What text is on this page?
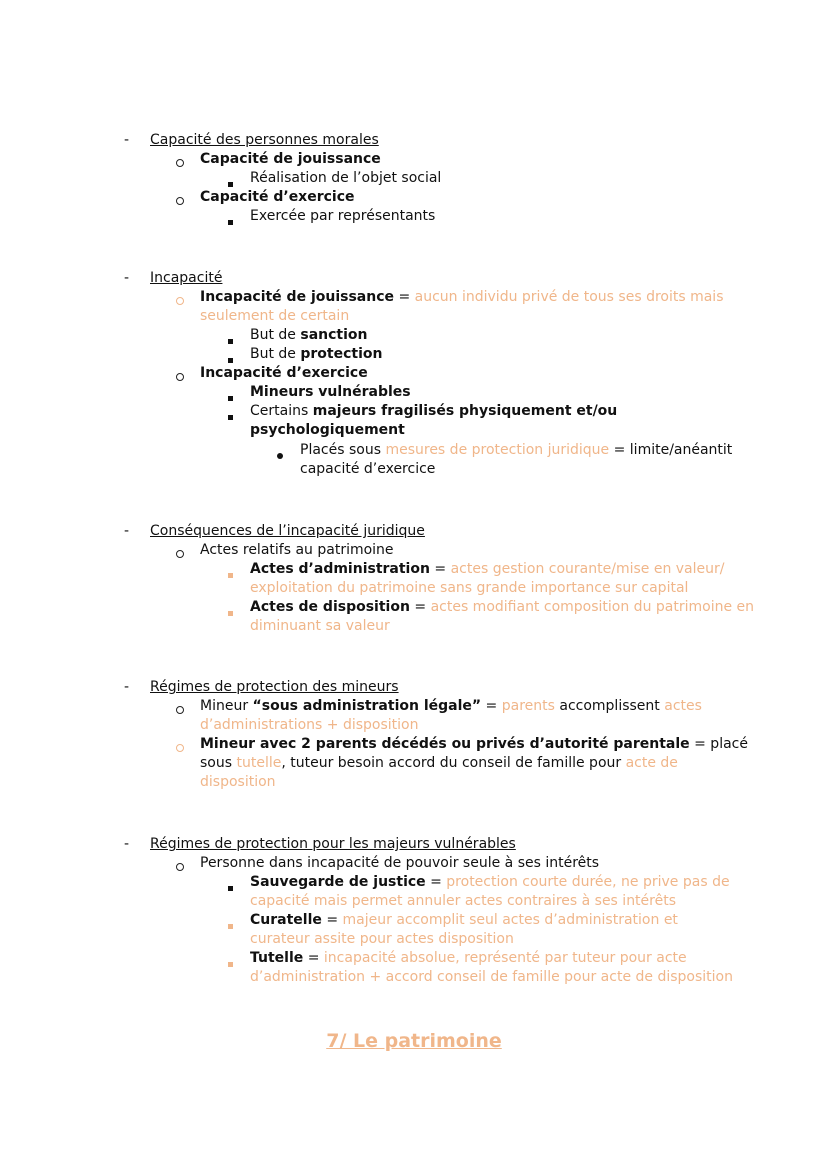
- Capacité des personnes morales
Capacité de jouissance
Réalisation de l’objet social
Capacité d’exercice
Exercée par représentants
- Incapacité
Incapacité de jouissance = aucun individu privé de tous ses droits mais
seulement de certain
But de sanction
But de protection
Incapacité d’exercice
Mineurs vulnérables
Certains majeurs fragilisés physiquement et/ou
psychologiquement
Placés sous mesures de protection juridique = limite/anéantit
capacité d’exercice
- Conséquences de l’incapacité juridique
Actes relatifs au patrimoine
Actes d’administration = actes gestion courante/mise en valeur/
exploitation du patrimoine sans grande importance sur capital
Actes de disposition = actes modifiant composition du patrimoine en
diminuant sa valeur
- Régimes de protection des mineurs
Mineur “sous administration légale” = parents accomplissent actes
d’administrations + disposition
Mineur avec 2 parents décédés ou privés d’autorité parentale = placé
sous tutelle, tuteur besoin accord du conseil de famille pour acte de
disposition
- Régimes de protection pour les majeurs vulnérables
Personne dans incapacité de pouvoir seule à ses intérêts
Sauvegarde de justice = protection courte durée, ne prive pas de
capacité mais permet annuler actes contraires à ses intérêts
Curatelle = majeur accomplit seul actes d’administration et
curateur assite pour actes disposition
Tutelle = incapacité absolue, représenté par tuteur pour acte
d’administration + accord conseil de famille pour acte de disposition
7/ Le patrimoine
